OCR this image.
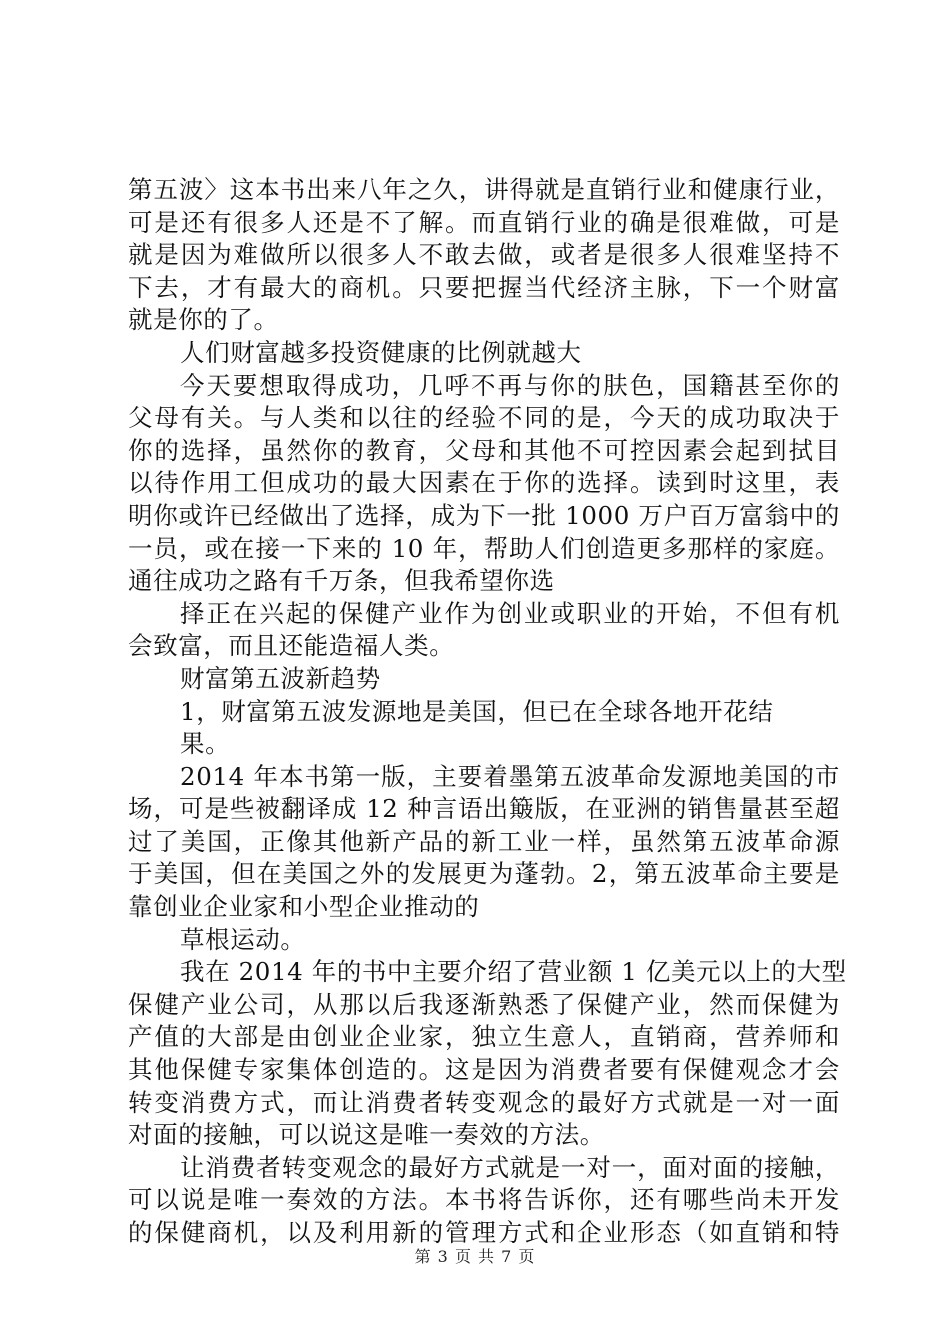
第五波〉这本书出来八年之久，讲得就是直销行业和健康行业，
可是还有很多人还是不了解。而直销行业的确是很难做，可是
就是因为难做所以很多人不敢去做，或者是很多人很难坚持不
下去，才有最大的商机。只要把握当代经济主脉，下一个财富
就是你的了。
人们财富越多投资健康的比例就越大
今天要想取得成功，几呼不再与你的肤色，国籍甚至你的
父母有关。与人类和以往的经验不同的是，今天的成功取决于
你的选择，虽然你的教育，父母和其他不可控因素会起到拭目
以待作用工但成功的最大因素在于你的选择。读到时这里，表
明你或许已经做出了选择，成为下一批 1000 万户百万富翁中的
一员，或在接一下来的 10 年，帮助人们创造更多那样的家庭。
通往成功之路有千万条，但我希望你选
择正在兴起的保健产业作为创业或职业的开始，不但有机
会致富，而且还能造福人类。
财富第五波新趋势
1，财富第五波发源地是美国，但已在全球各地开花结
果。
2014 年本书第一版，主要着墨第五波革命发源地美国的市
场，可是些被翻译成 12 种言语出簸版，在亚洲的销售量甚至超
过了美国，正像其他新产品的新工业一样，虽然第五波革命源
于美国，但在美国之外的发展更为蓬勃。2，第五波革命主要是
靠创业企业家和小型企业推动的
草根运动。
我在 2014 年的书中主要介绍了营业额 1 亿美元以上的大型
保健产业公司，从那以后我逐渐熟悉了保健产业，然而保健为
产值的大部是由创业企业家，独立生意人，直销商，营养师和
其他保健专家集体创造的。这是因为消费者要有保健观念才会
转变消费方式，而让消费者转变观念的最好方式就是一对一面
对面的接触，可以说这是唯一奏效的方法。
让消费者转变观念的最好方式就是一对一，面对面的接触，
可以说是唯一奏效的方法。本书将告诉你，还有哪些尚未开发
的保健商机，以及利用新的管理方式和企业形态（如直销和特
第 3 页 共 7 页
